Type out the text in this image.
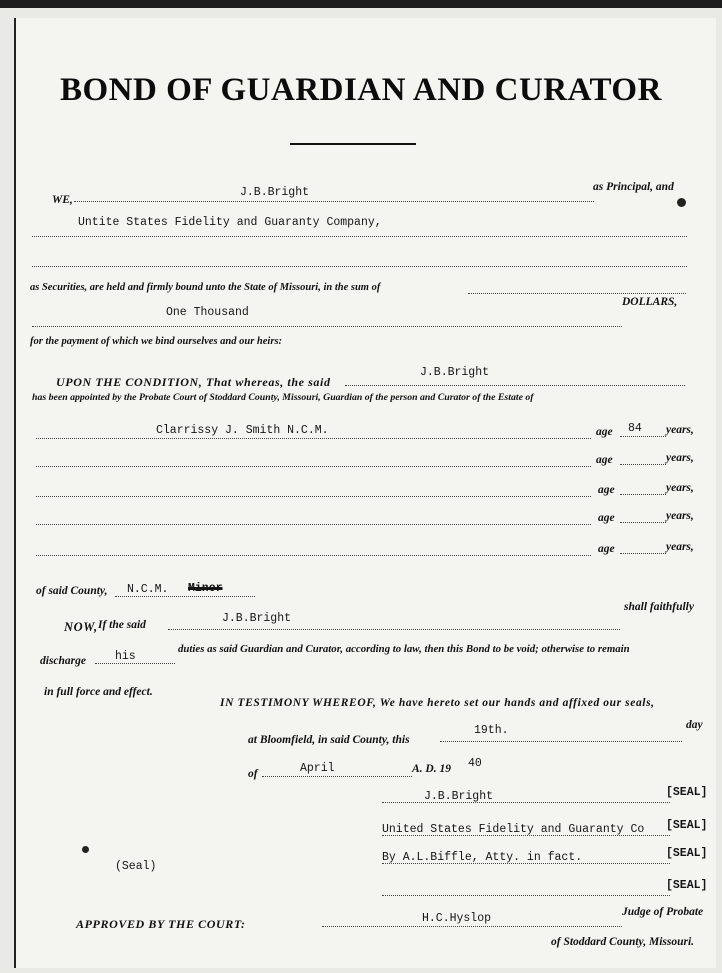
BOND OF GUARDIAN AND CURATOR
WE,
J.B.Bright	as Principal, and
Untite States Fidelity and Guaranty Company,
as Securities, are held and firmly bound unto the State of Missouri, in the sum of
One Thousand
DOLLARS,
for the payment of which we bind ourselves and our heirs:
UPON THE CONDITION, That whereas, the said
J.B.Bright
has been appointed by the Probate Court of Stoddard County, Missouri, Guardian of the person and Curator of the Estate of
Clarrissy J. Smith N.C.M.	age 84 years,
age	years,
age	years,
age	years,
age	years,
of said County, N.C.M. Minor
NOW, If the said	J.B.Bright
shall faithfully
discharge	his
duties as said Guardian and Curator, according to law, then this Bond to be void; otherwise to remain
in full force and effect.
IN TESTIMONY WHEREOF, We have hereto set our hands and affixed our seals,
at Bloomfield, in said County, this
19th.	day
of	April	A. D. 19 40
J.B.Bright	[SEAL]
United States Fidelity and Guaranty Co [SEAL]
By A.L.Biffle, Atty. in fact.	[SEAL]
[SEAL]
(Seal)
APPROVED BY THE COURT:	H.C.Hyslop	Judge of Probate
of Stoddard County, Missouri.
